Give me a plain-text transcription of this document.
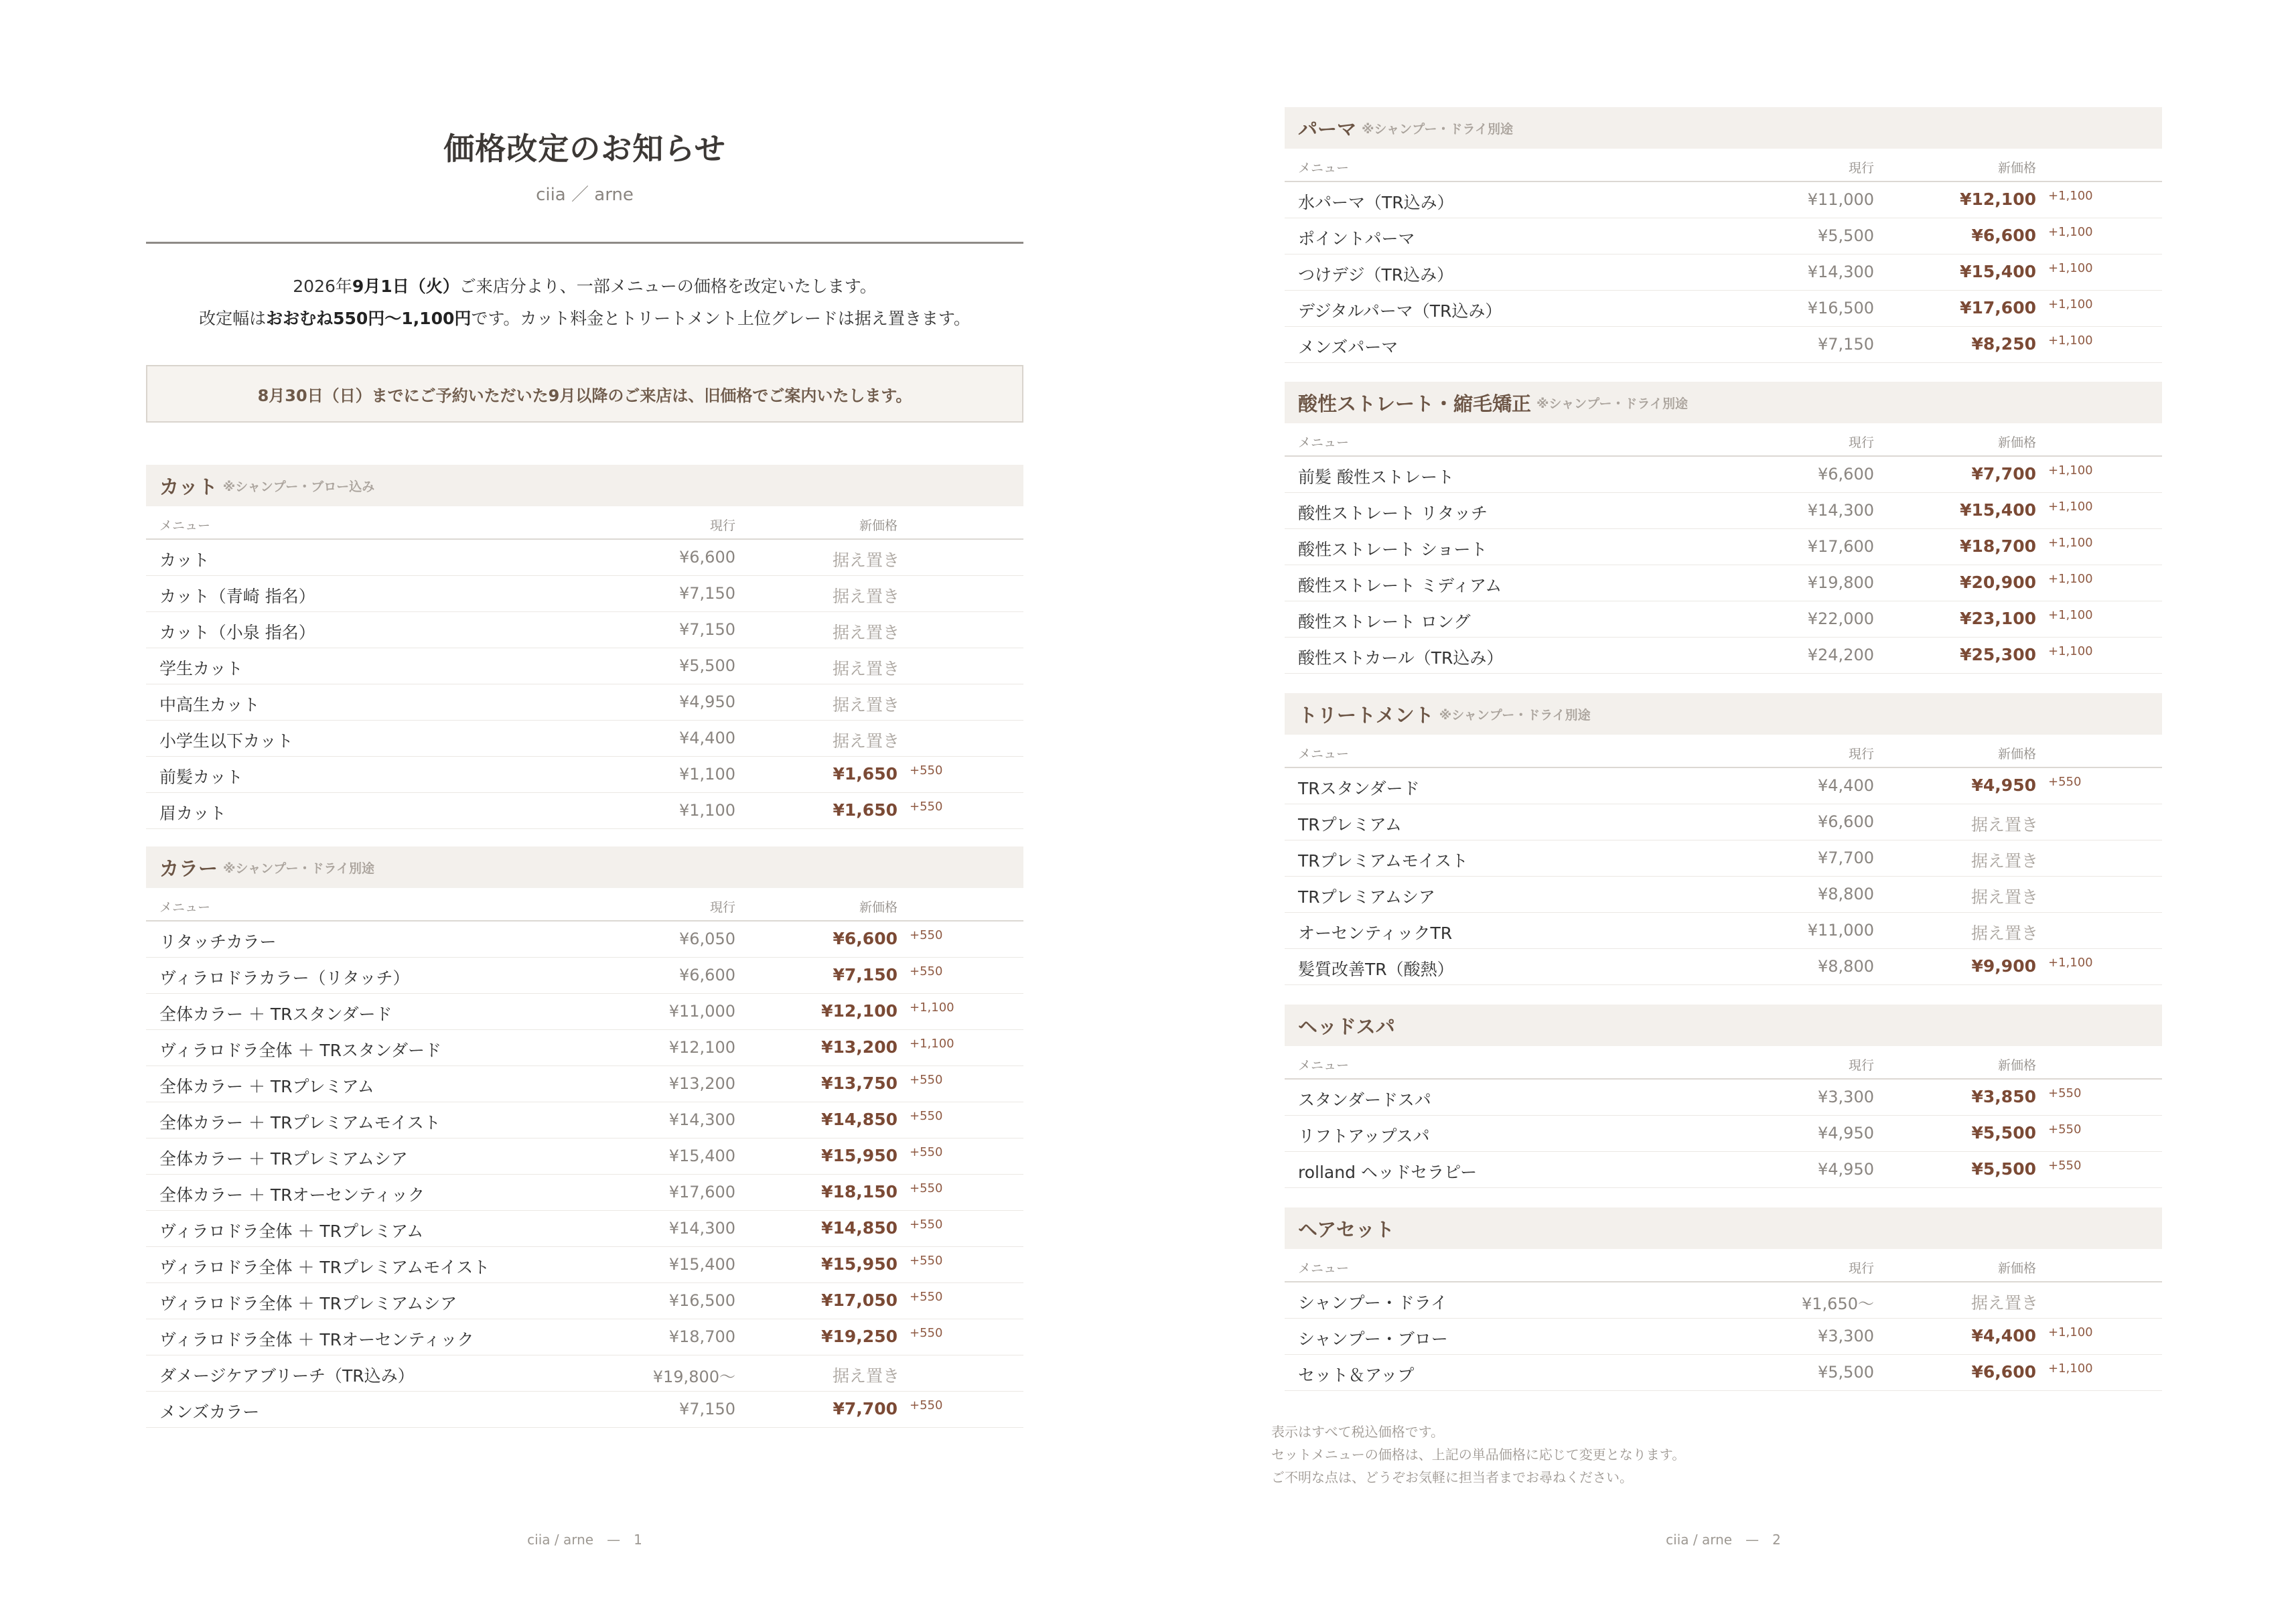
価格改定のお知らせ
ciia ／ arne
2026年9月1日（火）ご来店分より、一部メニューの価格を改定いたします。
改定幅はおおむね550円〜1,100円です。カット料金とトリートメント上位グレードは据え置きます。
8月30日（日）までにご予約いただいた9月以降のご来店は、旧価格でご案内いたします。
カット ※シャンプー・ブロー込み
メニュー	現行	新価格
カット	¥6,600	据え置き
カット（青崎 指名）	¥7,150	据え置き
カット（小泉 指名）	¥7,150	据え置き
学生カット	¥5,500	据え置き
中高生カット	¥4,950	据え置き
小学生以下カット	¥4,400	据え置き
前髪カット	¥1,100	¥1,650 +550
眉カット	¥1,100	¥1,650 +550
カラー ※シャンプー・ドライ別途
メニュー	現行	新価格
リタッチカラー	¥6,050	¥6,600 +550
ヴィラロドラカラー（リタッチ）	¥6,600	¥7,150 +550
全体カラー ＋ TRスタンダード	¥11,000	¥12,100 +1,100
ヴィラロドラ全体 ＋ TRスタンダード	¥12,100	¥13,200 +1,100
全体カラー ＋ TRプレミアム	¥13,200	¥13,750 +550
全体カラー ＋ TRプレミアムモイスト	¥14,300	¥14,850 +550
全体カラー ＋ TRプレミアムシア	¥15,400	¥15,950 +550
全体カラー ＋ TRオーセンティック	¥17,600	¥18,150 +550
ヴィラロドラ全体 ＋ TRプレミアム	¥14,300	¥14,850 +550
ヴィラロドラ全体 ＋ TRプレミアムモイスト	¥15,400	¥15,950 +550
ヴィラロドラ全体 ＋ TRプレミアムシア	¥16,500	¥17,050 +550
ヴィラロドラ全体 ＋ TRオーセンティック	¥18,700	¥19,250 +550
ダメージケアブリーチ（TR込み）	¥19,800〜	据え置き
メンズカラー	¥7,150	¥7,700 +550
ciia / arne　—　1
パーマ ※シャンプー・ドライ別途
メニュー	現行	新価格
水パーマ（TR込み）	¥11,000	¥12,100 +1,100
ポイントパーマ	¥5,500	¥6,600 +1,100
つけデジ（TR込み）	¥14,300	¥15,400 +1,100
デジタルパーマ（TR込み）	¥16,500	¥17,600 +1,100
メンズパーマ	¥7,150	¥8,250 +1,100
酸性ストレート・縮毛矯正 ※シャンプー・ドライ別途
メニュー	現行	新価格
前髪 酸性ストレート	¥6,600	¥7,700 +1,100
酸性ストレート リタッチ	¥14,300	¥15,400 +1,100
酸性ストレート ショート	¥17,600	¥18,700 +1,100
酸性ストレート ミディアム	¥19,800	¥20,900 +1,100
酸性ストレート ロング	¥22,000	¥23,100 +1,100
酸性ストカール（TR込み）	¥24,200	¥25,300 +1,100
トリートメント ※シャンプー・ドライ別途
メニュー	現行	新価格
TRスタンダード	¥4,400	¥4,950 +550
TRプレミアム	¥6,600	据え置き
TRプレミアムモイスト	¥7,700	据え置き
TRプレミアムシア	¥8,800	据え置き
オーセンティックTR	¥11,000	据え置き
髪質改善TR（酸熱）	¥8,800	¥9,900 +1,100
ヘッドスパ
メニュー	現行	新価格
スタンダードスパ	¥3,300	¥3,850 +550
リフトアップスパ	¥4,950	¥5,500 +550
rolland ヘッドセラピー	¥4,950	¥5,500 +550
ヘアセット
メニュー	現行	新価格
シャンプー・ドライ	¥1,650〜	据え置き
シャンプー・ブロー	¥3,300	¥4,400 +1,100
セット＆アップ	¥5,500	¥6,600 +1,100
表示はすべて税込価格です。
セットメニューの価格は、上記の単品価格に応じて変更となります。
ご不明な点は、どうぞお気軽に担当者までお尋ねください。
ciia / arne　—　2
